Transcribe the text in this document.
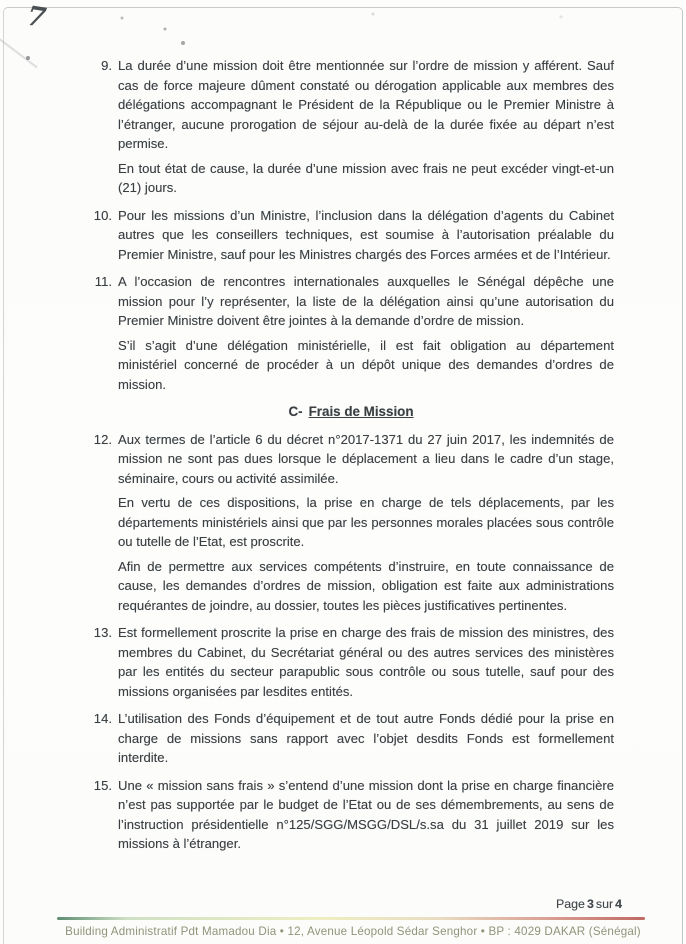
7
9. La durée d’une mission doit être mentionnée sur l’ordre de mission y afférent. Sauf cas de force majeure dûment constaté ou dérogation applicable aux membres des délégations accompagnant le Président de la République ou le Premier Ministre à l’étranger, aucune prorogation de séjour au-delà de la durée fixée au départ n’est permise.

En tout état de cause, la durée d’une mission avec frais ne peut excéder vingt-et-un (21) jours.

10. Pour les missions d’un Ministre, l’inclusion dans la délégation d’agents du Cabinet autres que les conseillers techniques, est soumise à l’autorisation préalable du Premier Ministre, sauf pour les Ministres chargés des Forces armées et de l’Intérieur.

11. A l’occasion de rencontres internationales auxquelles le Sénégal dépêche une mission pour l’y représenter, la liste de la délégation ainsi qu’une autorisation du Premier Ministre doivent être jointes à la demande d’ordre de mission.

S’il s’agit d’une délégation ministérielle, il est fait obligation au département ministériel concerné de procéder à un dépôt unique des demandes d’ordres de mission.

C- Frais de Mission
12. Aux termes de l’article 6 du décret n°2017-1371 du 27 juin 2017, les indemnités de mission ne sont pas dues lorsque le déplacement a lieu dans le cadre d’un stage, séminaire, cours ou activité assimilée.

En vertu de ces dispositions, la prise en charge de tels déplacements, par les départements ministériels ainsi que par les personnes morales placées sous contrôle ou tutelle de l’Etat, est proscrite.

Afin de permettre aux services compétents d’instruire, en toute connaissance de cause, les demandes d’ordres de mission, obligation est faite aux administrations requérantes de joindre, au dossier, toutes les pièces justificatives pertinentes.

13. Est formellement proscrite la prise en charge des frais de mission des ministres, des membres du Cabinet, du Secrétariat général ou des autres services des ministères par les entités du secteur parapublic sous contrôle ou sous tutelle, sauf pour des missions organisées par lesdites entités.

14. L’utilisation des Fonds d’équipement et de tout autre Fonds dédié pour la prise en charge de missions sans rapport avec l’objet desdits Fonds est formellement interdite.

15. Une « mission sans frais » s’entend d’une mission dont la prise en charge financière n’est pas supportée par le budget de l’Etat ou de ses démembrements, au sens de l’instruction présidentielle n°125/SGG/MSGG/DSL/s.sa du 31 juillet 2019 sur les missions à l’étranger.

Page 3 sur 4
Building Administratif Pdt Mamadou Dia • 12, Avenue Léopold Sédar Senghor • BP : 4029 DAKAR (Sénégal)
